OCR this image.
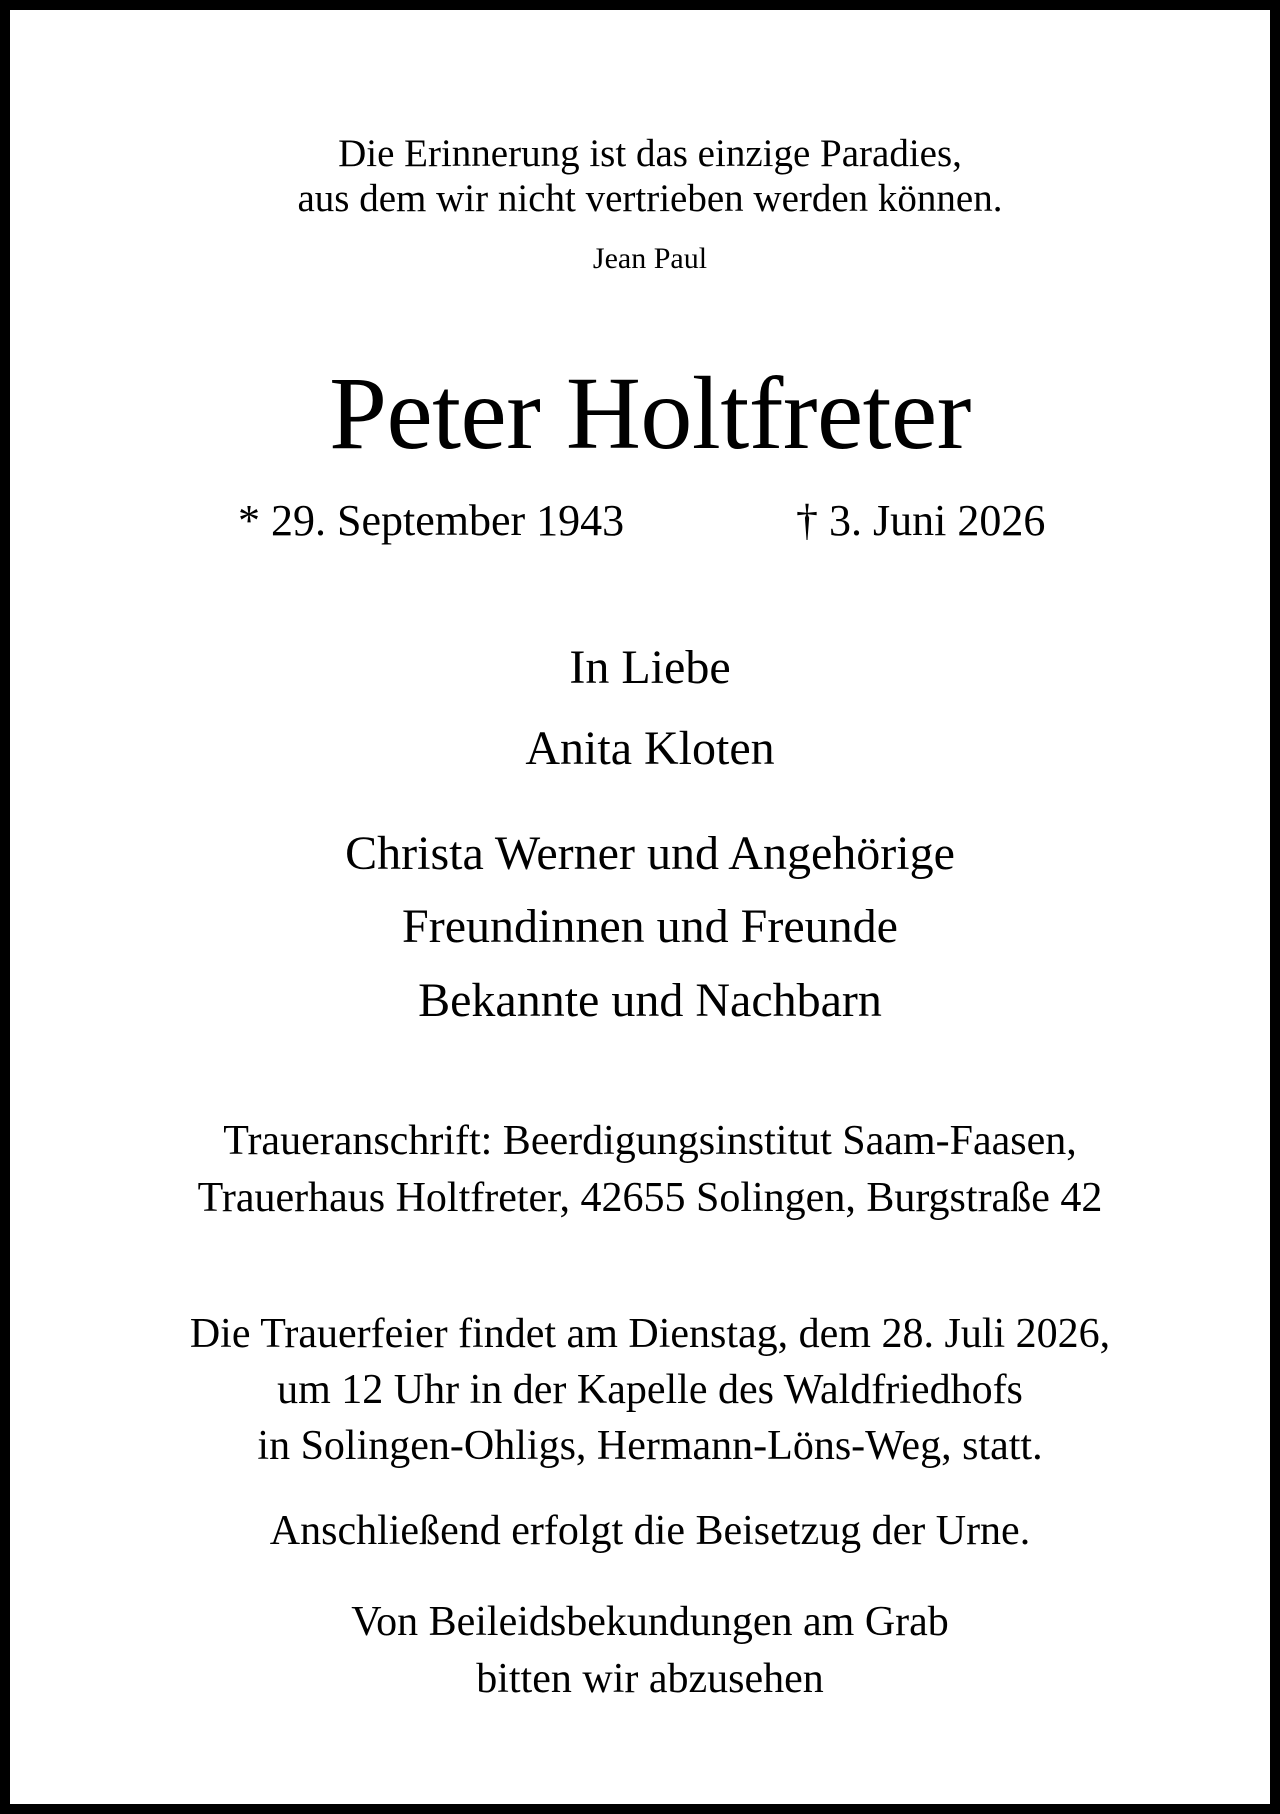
Die Erinnerung ist das einzige Paradies,
aus dem wir nicht vertrieben werden können.
Jean Paul
Peter Holtfreter
* 29. September 1943	† 3. Juni 2026
In Liebe
Anita Kloten
Christa Werner und Angehörige
Freundinnen und Freunde
Bekannte und Nachbarn
Traueranschrift: Beerdigungsinstitut Saam-Faasen,
Trauerhaus Holtfreter, 42655 Solingen, Burgstraße 42
Die Trauerfeier findet am Dienstag, dem 28. Juli 2026,
um 12 Uhr in der Kapelle des Waldfriedhofs
in Solingen-Ohligs, Hermann-Löns-Weg, statt.
Anschließend erfolgt die Beisetzug der Urne.
Von Beileidsbekundungen am Grab
bitten wir abzusehen
